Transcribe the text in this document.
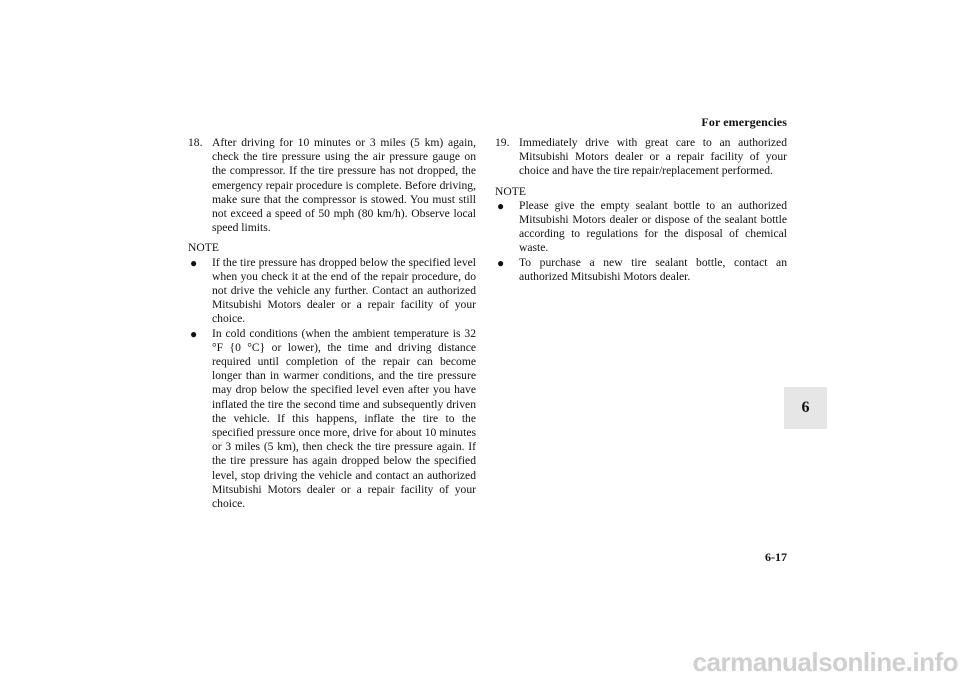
For emergencies
6
18. After driving for 10 minutes or 3 miles (5 km) again, check the tire pressure using the air pressure gauge on the compressor. If the tire pressure has not dropped, the emergency repair procedure is complete. Before driving, make sure that the compressor is stowed. You must still not exceed a speed of 50 mph (80 km/h). Observe local speed limits.
NOTE
●	If the tire pressure has dropped below the specified level when you check it at the end of the repair procedure, do not drive the vehicle any further. Contact an authorized Mitsubishi Motors dealer or a repair facility of your choice.
●	In cold conditions (when the ambient temperature is 32 °F {0 °C} or lower), the time and driving distance required until completion of the repair can become longer than in warmer conditions, and the tire pressure may drop below the specified level even after you have inflated the tire the second time and subsequently driven the vehicle. If this happens, inflate the tire to the specified pressure once more, drive for about 10 minutes or 3 miles (5 km), then check the tire pressure again. If the tire pressure has again dropped below the specified level, stop driving the vehicle and contact an authorized Mitsubishi Motors dealer or a repair facility of your choice.
19. Immediately drive with great care to an authorized Mitsubishi Motors dealer or a repair facility of your choice and have the tire repair/replacement performed.
NOTE
●	Please give the empty sealant bottle to an authorized Mitsubishi Motors dealer or dispose of the sealant bottle according to regulations for the disposal of chemical waste.
●	To purchase a new tire sealant bottle, contact an authorized Mitsubishi Motors dealer.
6-17
carmanualsonline.info
